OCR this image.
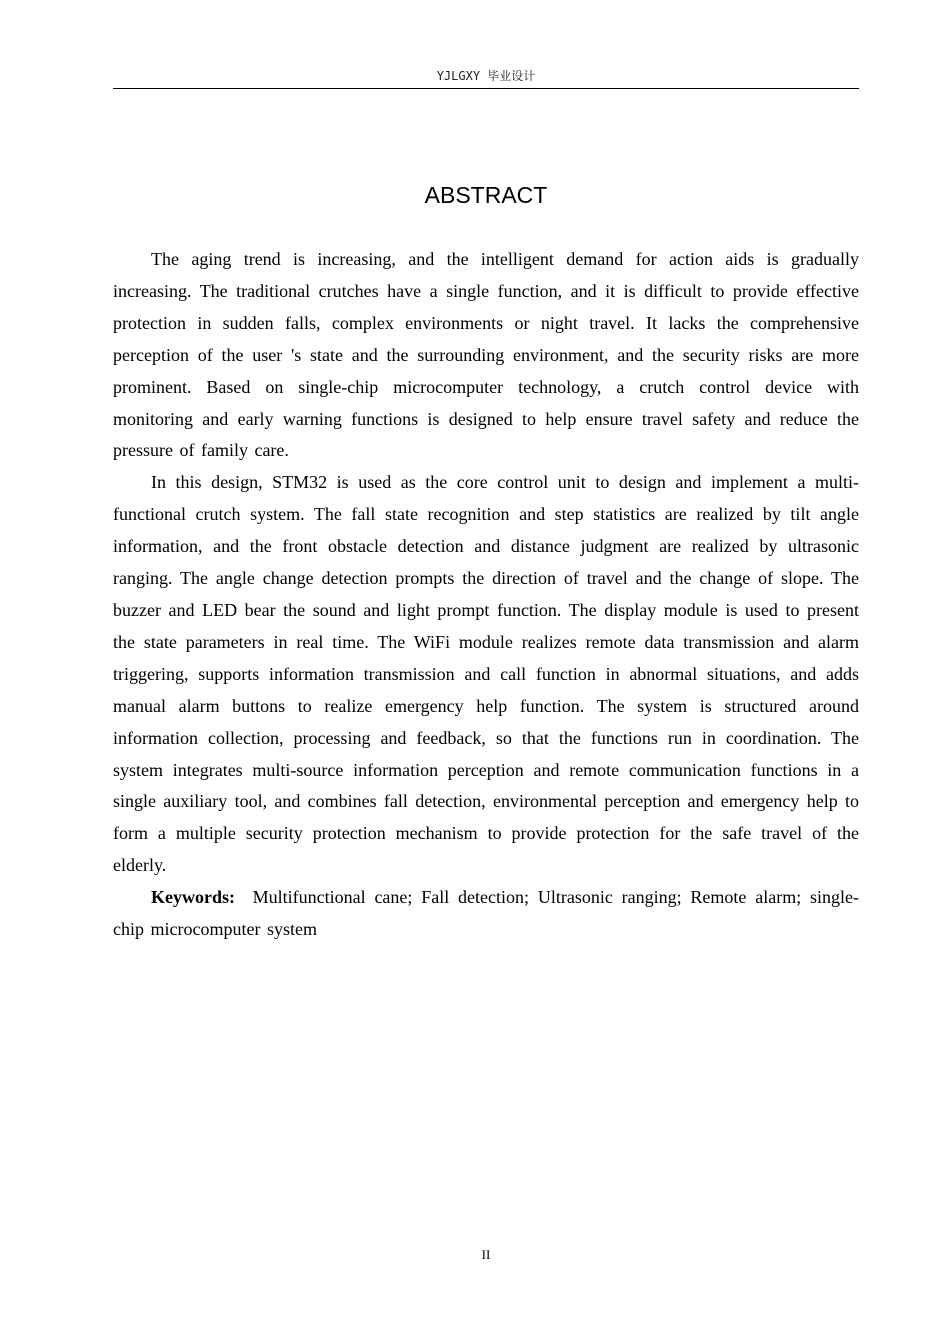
YJLGXY 毕业设计
ABSTRACT

The aging trend is increasing, and the intelligent demand for action aids is gradually increasing. The traditional crutches have a single function, and it is difficult to provide effective protection in sudden falls, complex environments or night travel. It lacks the comprehensive perception of the user 's state and the surrounding environment, and the security risks are more prominent. Based on single-chip microcomputer technology, a crutch control device with monitoring and early warning functions is designed to help ensure travel safety and reduce the pressure of family care.

In this design, STM32 is used as the core control unit to design and implement a multi-functional crutch system. The fall state recognition and step statistics are realized by tilt angle information, and the front obstacle detection and distance judgment are realized by ultrasonic ranging. The angle change detection prompts the direction of travel and the change of slope. The buzzer and LED bear the sound and light prompt function. The display module is used to present the state parameters in real time. The WiFi module realizes remote data transmission and alarm triggering, supports information transmission and call function in abnormal situations, and adds manual alarm buttons to realize emergency help function. The system is structured around information collection, processing and feedback, so that the functions run in coordination. The system integrates multi-source information perception and remote communication functions in a single auxiliary tool, and combines fall detection, environmental perception and emergency help to form a multiple security protection mechanism to provide protection for the safe travel of the elderly.

Keywords: Multifunctional cane; Fall detection; Ultrasonic ranging; Remote alarm; single-chip microcomputer system

II
